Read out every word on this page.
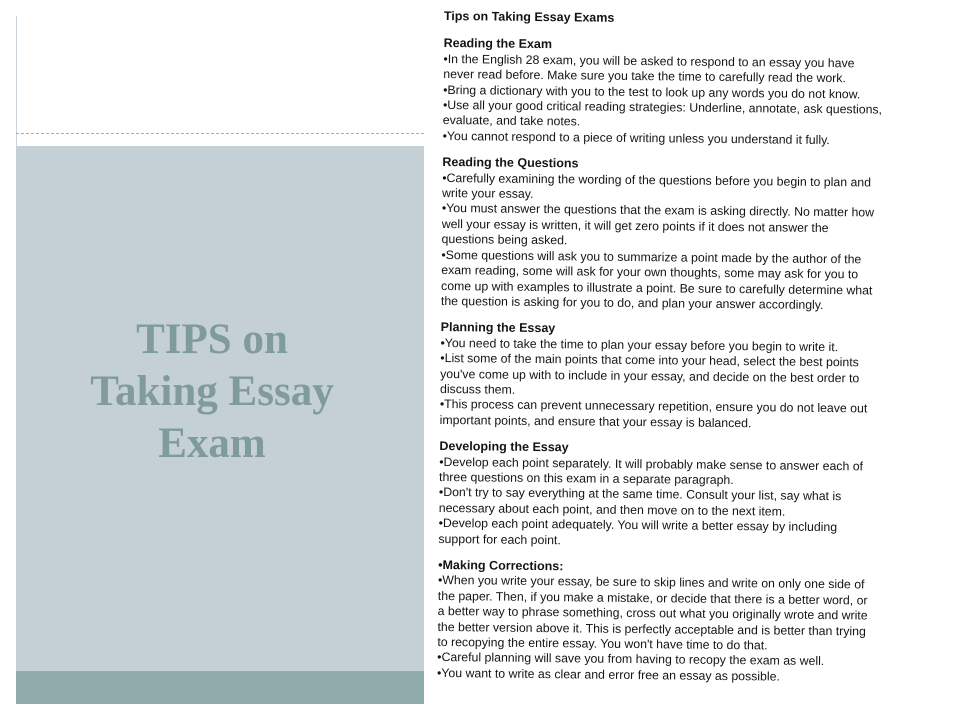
TIPS on
Taking Essay
Exam
Tips on Taking Essay Exams
Reading the Exam
•In the English 28 exam, you will be asked to respond to an essay you have
never read before. Make sure you take the time to carefully read the work.
•Bring a dictionary with you to the test to look up any words you do not know.
•Use all your good critical reading strategies: Underline, annotate, ask questions,
evaluate, and take notes.
•You cannot respond to a piece of writing unless you understand it fully.
Reading the Questions
•Carefully examining the wording of the questions before you begin to plan and
write your essay.
•You must answer the questions that the exam is asking directly. No matter how
well your essay is written, it will get zero points if it does not answer the
questions being asked.
•Some questions will ask you to summarize a point made by the author of the
exam reading, some will ask for your own thoughts, some may ask for you to
come up with examples to illustrate a point. Be sure to carefully determine what
the question is asking for you to do, and plan your answer accordingly.
Planning the Essay
•You need to take the time to plan your essay before you begin to write it.
•List some of the main points that come into your head, select the best points
you've come up with to include in your essay, and decide on the best order to
discuss them.
•This process can prevent unnecessary repetition, ensure you do not leave out
important points, and ensure that your essay is balanced.
Developing the Essay
•Develop each point separately. It will probably make sense to answer each of
three questions on this exam in a separate paragraph.
•Don't try to say everything at the same time. Consult your list, say what is
necessary about each point, and then move on to the next item.
•Develop each point adequately. You will write a better essay by including
support for each point.
•Making Corrections:
•When you write your essay, be sure to skip lines and write on only one side of
the paper. Then, if you make a mistake, or decide that there is a better word, or
a better way to phrase something, cross out what you originally wrote and write
the better version above it. This is perfectly acceptable and is better than trying
to recopying the entire essay. You won't have time to do that.
•Careful planning will save you from having to recopy the exam as well.
•You want to write as clear and error free an essay as possible.
